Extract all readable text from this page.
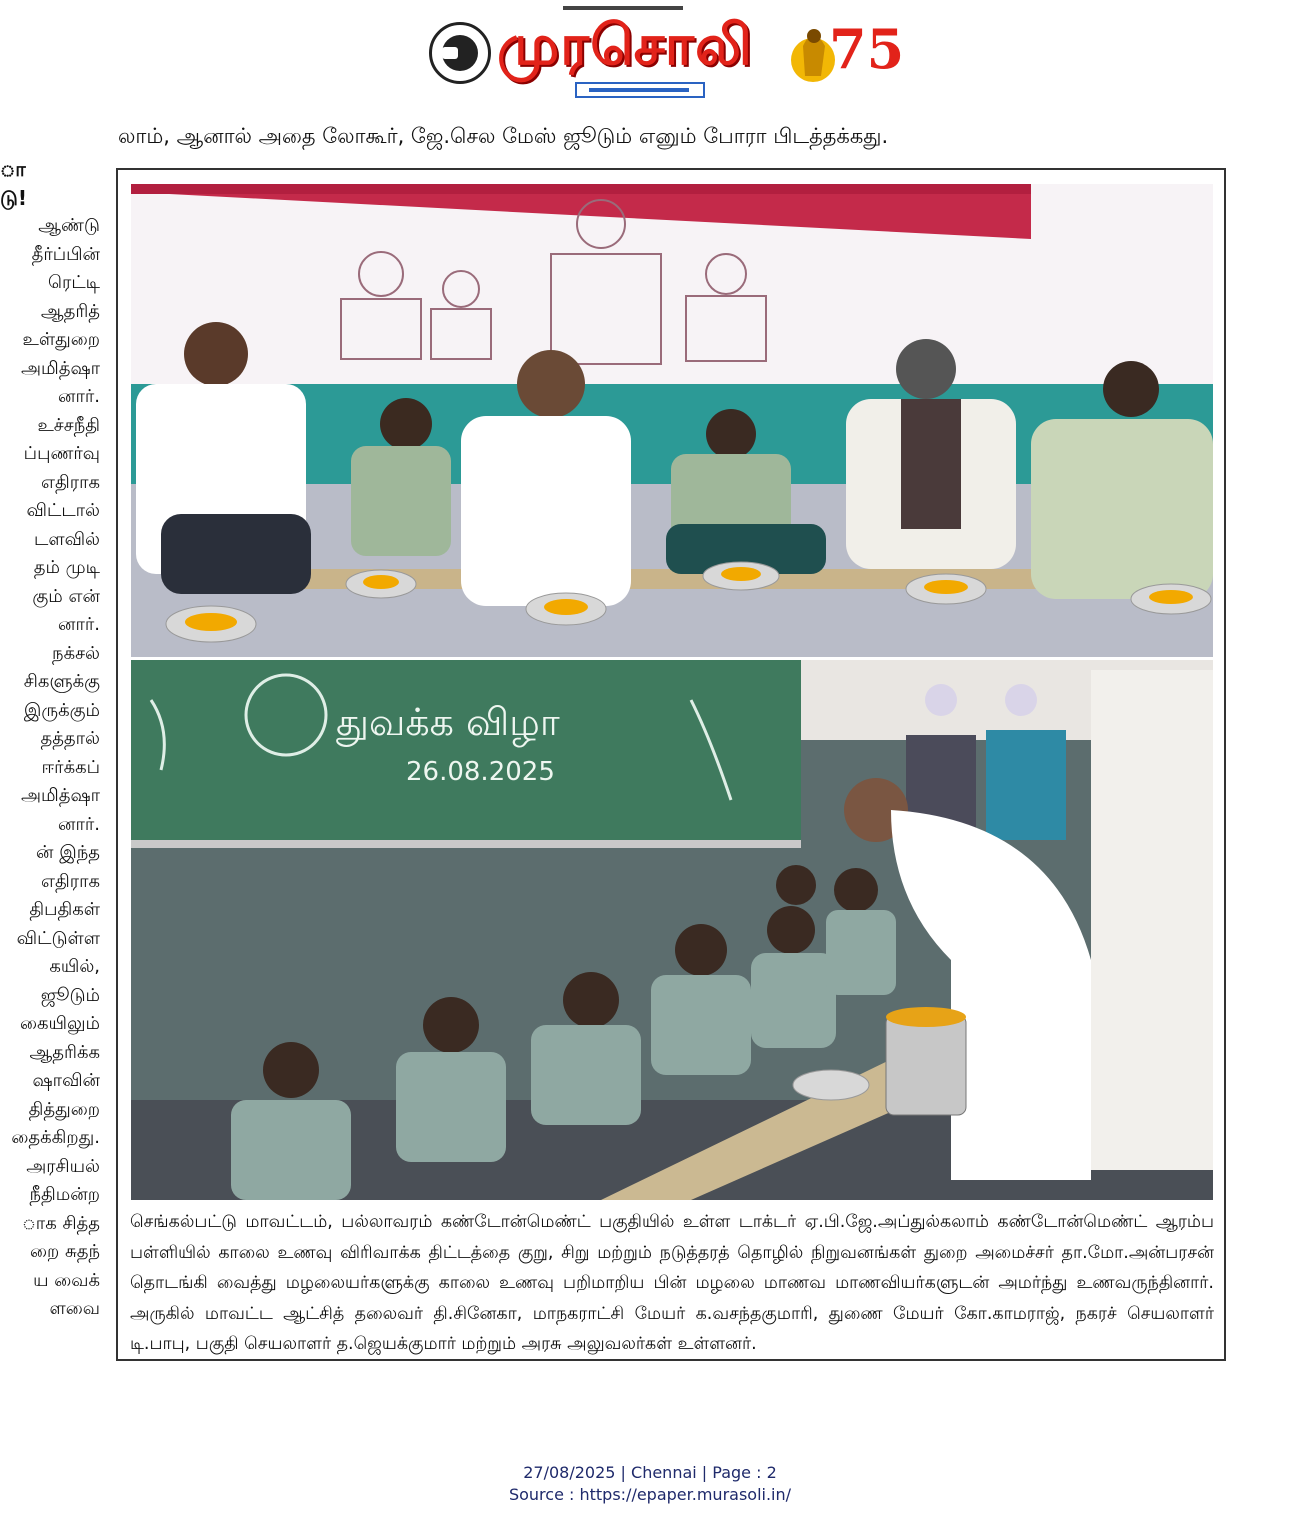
முரசொலி 75
லாம், ஆனால் அதை லோகூர், ஜே.செல மேஸ் ஜூடும் எனும் போரா பிடத்தக்கது.

ா

டு!

ஆண்டு

தீர்ப்பின்

ரெட்டி

ஆதரித்

உள்துறை

அமித்ஷா

னார்.

உச்சநீதி

ப்புணர்வு

எதிராக

விட்டால்

டளவில்

தம் முடி

கும் என்

னார்.

நக்சல்

சிகளுக்கு

இருக்கும்

தத்தால்

ஈர்க்கப்

அமித்ஷா

னார்.

ன் இந்த

எதிராக

திபதிகள்

விட்டுள்ள

கயில்,

ஜூடும்

கையிலும்

ஆதரிக்க

ஷாவின்

தித்துறை

தைக்கிறது.

அரசியல்

நீதிமன்ற

ாக சித்த

றை சுதந்

ய வைக்

ளவை

துவக்க விழா
26.08.2025
செங்கல்பட்டு மாவட்டம், பல்லாவரம் கண்டோன்மெண்ட் பகுதியில் உள்ள டாக்டர் ஏ.பி.ஜே.அப்துல்கலாம் கண்டோன்மெண்ட் ஆரம்ப பள்ளியில் காலை உணவு விரிவாக்க திட்டத்தை குறு, சிறு மற்றும் நடுத்தரத் தொழில் நிறுவனங்கள் துறை அமைச்சர் தா.மோ.அன்பரசன் தொடங்கி வைத்து மழலையர்களுக்கு காலை உணவு பறிமாறிய பின் மழலை மாணவ மாணவியர்களுடன் அமர்ந்து உணவருந்தினார். அருகில் மாவட்ட ஆட்சித் தலைவர் தி.சினேகா, மாநகராட்சி மேயர் க.வசந்தகுமாரி, துணை மேயர் கோ.காமராஜ், நகரச் செயலாளர் டி.பாபு, பகுதி செயலாளர் த.ஜெயக்குமார் மற்றும் அரசு அலுவலர்கள் உள்ளனர்.
27/08/2025 | Chennai | Page : 2
Source : https://epaper.murasoli.in/
